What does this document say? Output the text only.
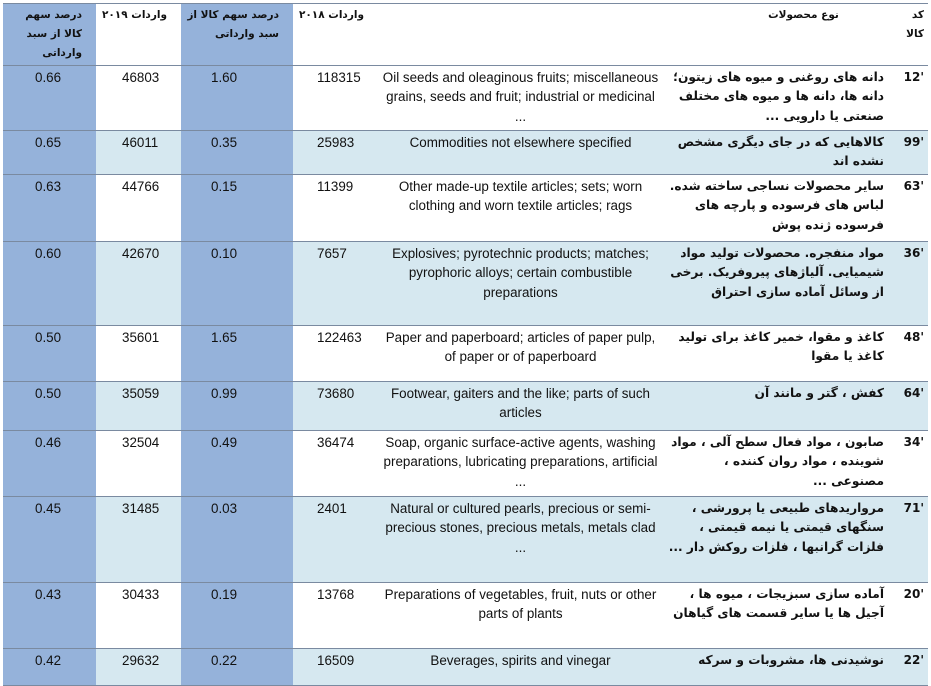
کد کالا	نوع محصولات		واردات ۲۰۱۸	درصد سهم کالا از سبد وارداتی	واردات ۲۰۱۹	درصد سهم کالا از سبد وارداتی
'12	دانه های روغنی و میوه های زیتون؛ دانه ها، دانه ها و میوه های مختلف صنعتی یا دارویی ...	Oil seeds and oleaginous fruits; miscellaneous grains, seeds and fruit; industrial or medicinal ...	118315	1.60	46803	0.66
'99	کالاهایی که در جای دیگری مشخص نشده اند	Commodities not elsewhere specified	25983	0.35	46011	0.65
'63	سایر محصولات نساجی ساخته شده. لباس های فرسوده و پارچه های فرسوده ژنده پوش	Other made-up textile articles; sets; worn clothing and worn textile articles; rags	11399	0.15	44766	0.63
'36	مواد منفجره. محصولات تولید مواد شیمیایی. آلیاژهای پیروفریک. برخی از وسائل آماده سازی احتراق	Explosives; pyrotechnic products; matches; pyrophoric alloys; certain combustible preparations	7657	0.10	42670	0.60
'48	کاغذ و مقوا، خمیر کاغذ برای تولید کاغذ یا مقوا	Paper and paperboard; articles of paper pulp, of paper or of paperboard	122463	1.65	35601	0.50
'64	کفش ، گتر و مانند آن	Footwear, gaiters and the like; parts of such articles	73680	0.99	35059	0.50
'34	صابون ، مواد فعال سطح آلی ، مواد شوینده ، مواد روان کننده ، مصنوعی ...	Soap, organic surface-active agents, washing preparations, lubricating preparations, artificial ...	36474	0.49	32504	0.46
'71	مرواریدهای طبیعی یا پرورشی ، سنگهای قیمتی یا نیمه قیمتی ، فلزات گرانبها ، فلزات روکش دار ...	Natural or cultured pearls, precious or semi-precious stones, precious metals, metals clad ...	2401	0.03	31485	0.45
'20	آماده سازی سبزیجات ، میوه ها ، آجیل ها یا سایر قسمت های گیاهان	Preparations of vegetables, fruit, nuts or other parts of plants	13768	0.19	30433	0.43
'22	نوشیدنی ها، مشروبات و سرکه	Beverages, spirits and vinegar	16509	0.22	29632	0.42
